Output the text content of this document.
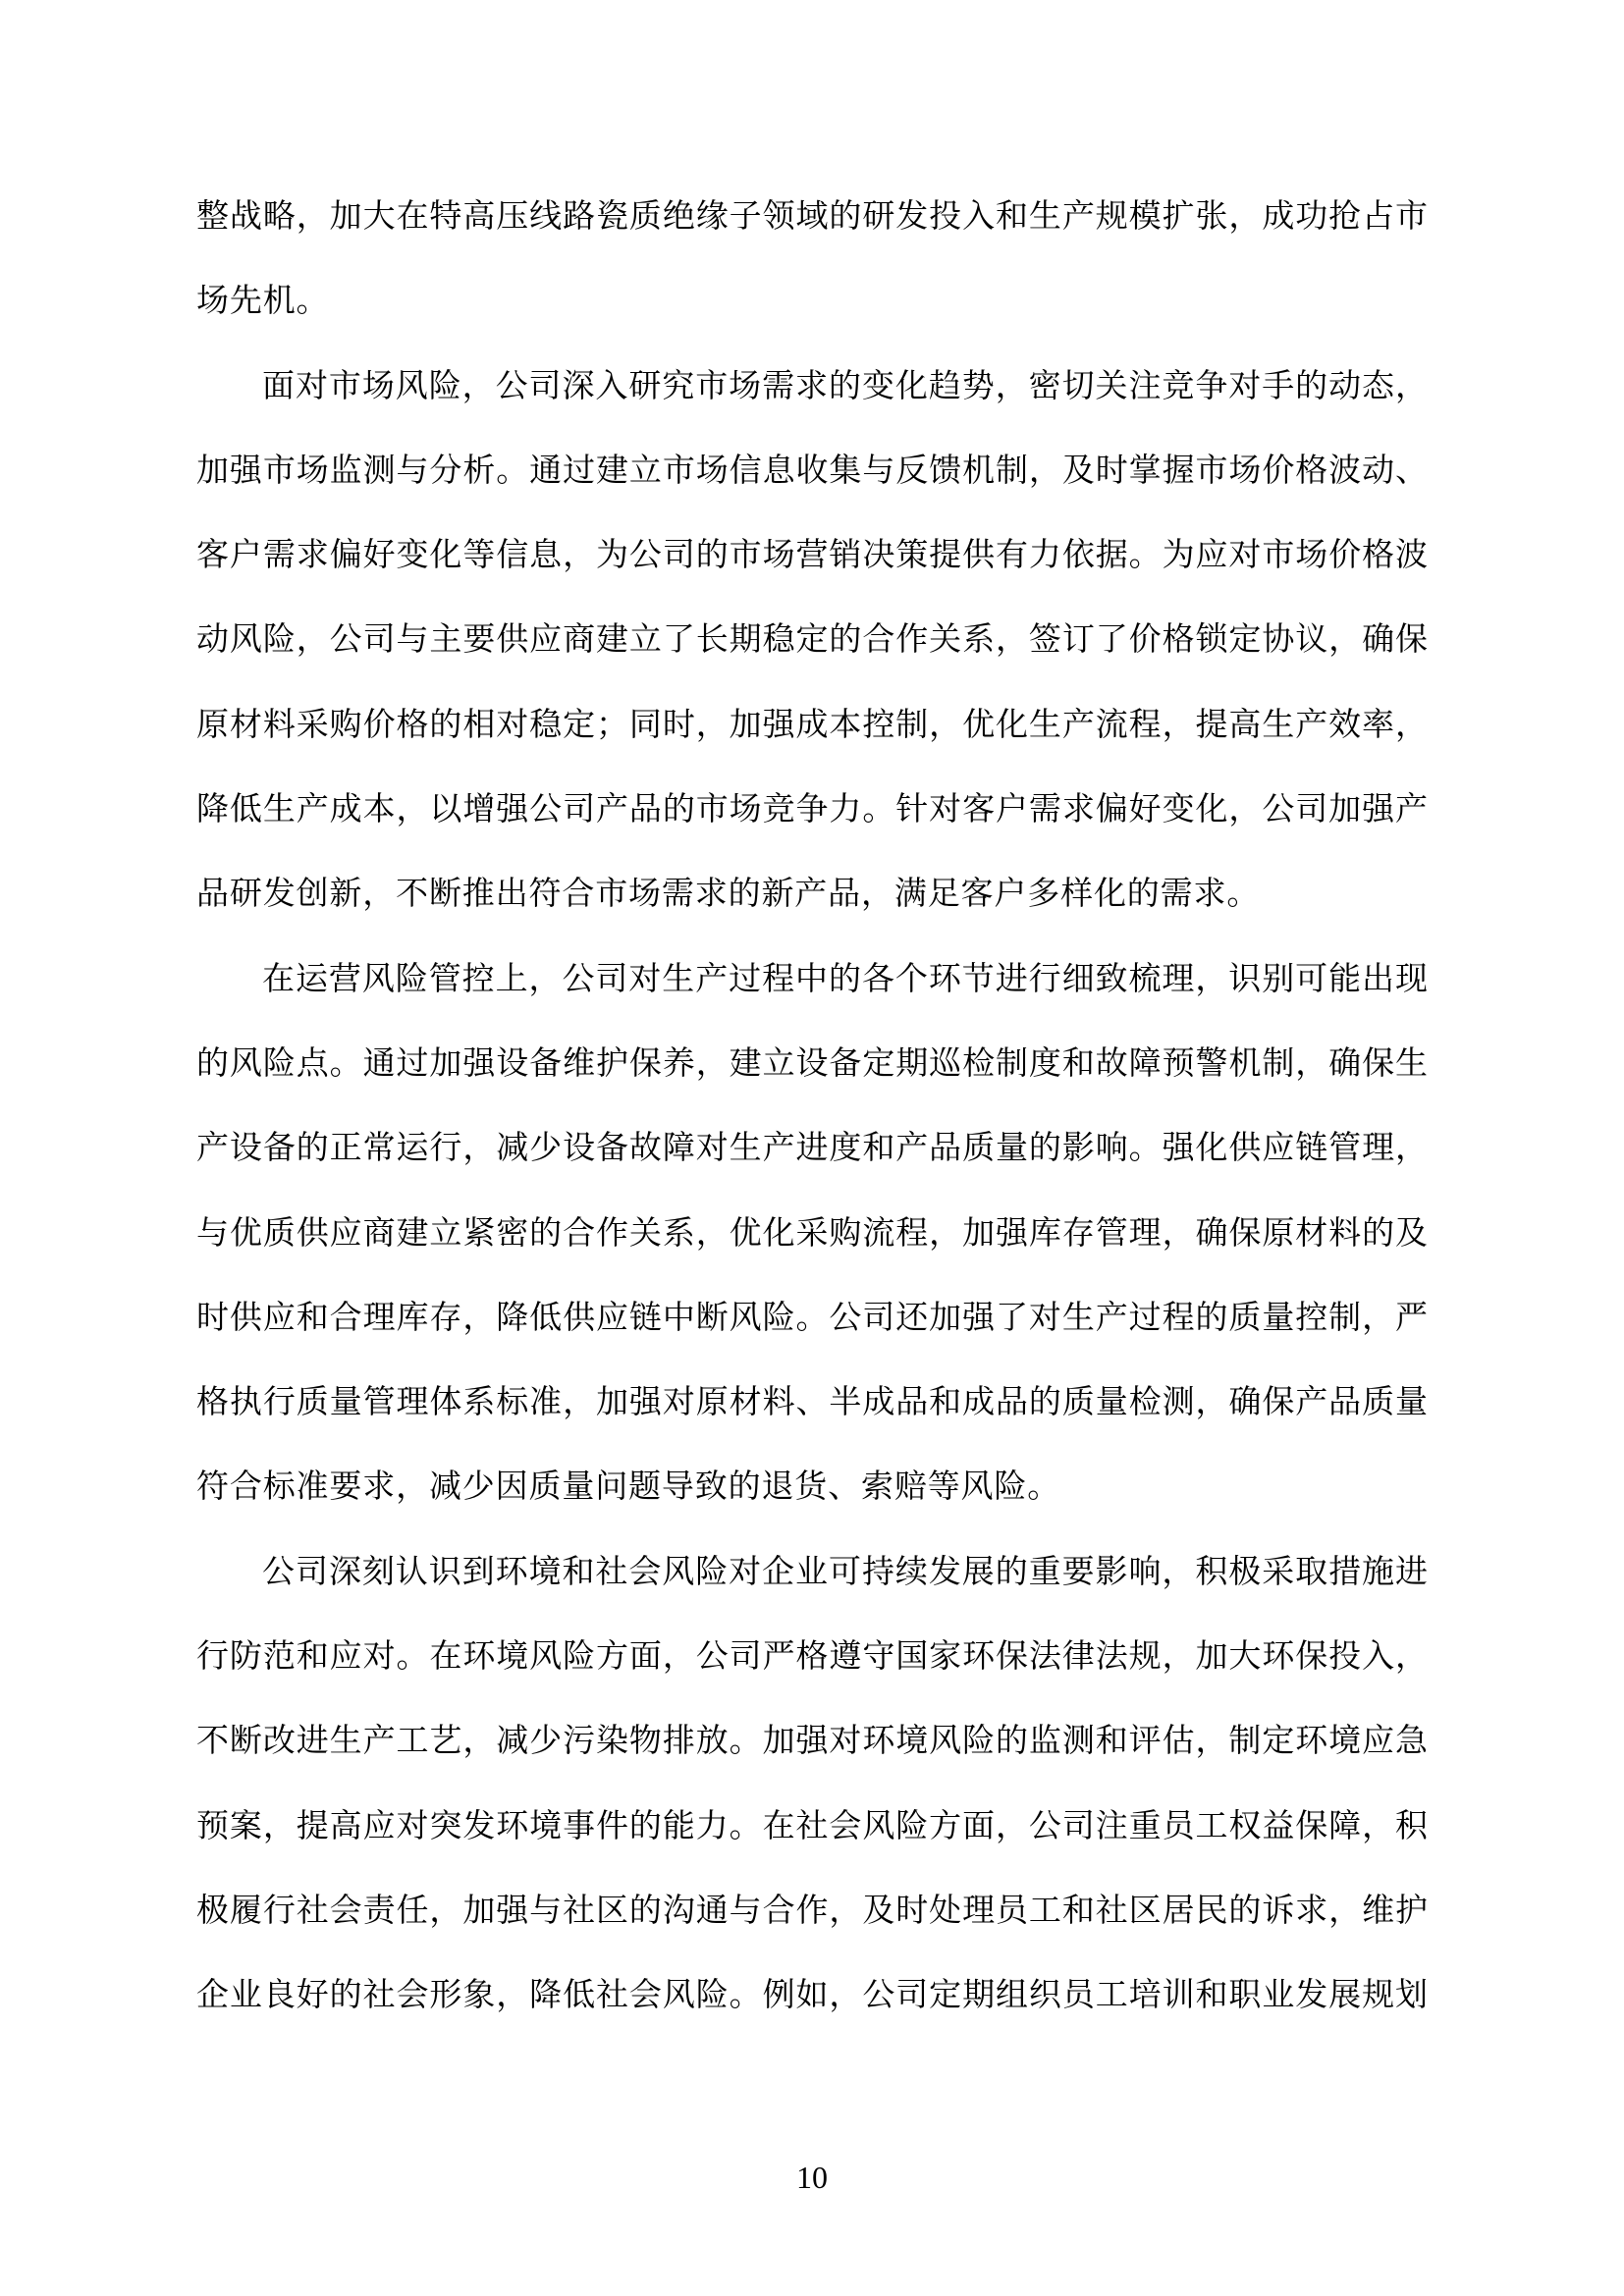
整战略，加大在特高压线路瓷质绝缘子领域的研发投入和生产规模扩张，成功抢占市
场先机。
面对市场风险，公司深入研究市场需求的变化趋势，密切关注竞争对手的动态，
加强市场监测与分析。通过建立市场信息收集与反馈机制，及时掌握市场价格波动、
客户需求偏好变化等信息，为公司的市场营销决策提供有力依据。为应对市场价格波
动风险，公司与主要供应商建立了长期稳定的合作关系，签订了价格锁定协议，确保
原材料采购价格的相对稳定；同时，加强成本控制，优化生产流程，提高生产效率，
降低生产成本，以增强公司产品的市场竞争力。针对客户需求偏好变化，公司加强产
品研发创新，不断推出符合市场需求的新产品，满足客户多样化的需求。
在运营风险管控上，公司对生产过程中的各个环节进行细致梳理，识别可能出现
的风险点。通过加强设备维护保养，建立设备定期巡检制度和故障预警机制，确保生
产设备的正常运行，减少设备故障对生产进度和产品质量的影响。强化供应链管理，
与优质供应商建立紧密的合作关系，优化采购流程，加强库存管理，确保原材料的及
时供应和合理库存，降低供应链中断风险。公司还加强了对生产过程的质量控制，严
格执行质量管理体系标准，加强对原材料、半成品和成品的质量检测，确保产品质量
符合标准要求，减少因质量问题导致的退货、索赔等风险。
公司深刻认识到环境和社会风险对企业可持续发展的重要影响，积极采取措施进
行防范和应对。在环境风险方面，公司严格遵守国家环保法律法规，加大环保投入，
不断改进生产工艺，减少污染物排放。加强对环境风险的监测和评估，制定环境应急
预案，提高应对突发环境事件的能力。在社会风险方面，公司注重员工权益保障，积
极履行社会责任，加强与社区的沟通与合作，及时处理员工和社区居民的诉求，维护
企业良好的社会形象，降低社会风险。例如，公司定期组织员工培训和职业发展规划
10
